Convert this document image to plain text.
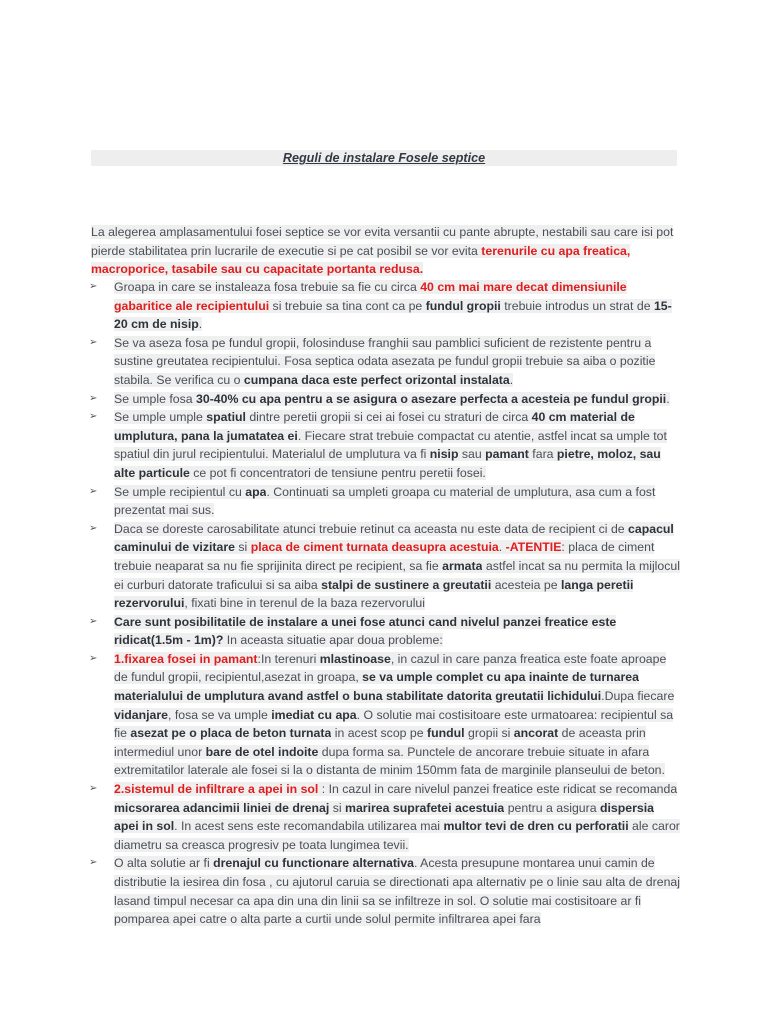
Reguli de instalare Fosele septice

La alegerea amplasamentului fosei septice se vor evita versantii cu pante abrupte, nestabili sau care isi pot pierde stabilitatea prin lucrarile de executie si pe cat posibil se vor evita terenurile cu apa freatica, macroporice, tasabile sau cu capacitate portanta redusa.

➢	Groapa in care se instaleaza fosa trebuie sa fie cu circa 40 cm mai mare decat dimensiunile gabaritice ale recipientului si trebuie sa tina cont ca pe fundul gropii trebuie introdus un strat de 15-20 cm de nisip.
➢	Se va aseza fosa pe fundul gropii, folosinduse franghii sau pamblici suficient de rezistente pentru a sustine greutatea recipientului. Fosa septica odata asezata pe fundul gropii trebuie sa aiba o pozitie stabila. Se verifica cu o cumpana daca este perfect orizontal instalata.
➢	Se umple fosa 30-40% cu apa pentru a se asigura o asezare perfecta a acesteia pe fundul gropii.
➢	Se umple umple spatiul dintre peretii gropii si cei ai fosei cu straturi de circa 40 cm material de umplutura, pana la jumatatea ei. Fiecare strat trebuie compactat cu atentie, astfel incat sa umple tot spatiul din jurul recipientului. Materialul de umplutura va fi nisip sau pamant fara pietre, moloz, sau alte particule ce pot fi concentratori de tensiune pentru peretii fosei.
➢	Se umple recipientul cu apa. Continuati sa umpleti groapa cu material de umplutura, asa cum a fost prezentat mai sus.
➢	Daca se doreste carosabilitate atunci trebuie retinut ca aceasta nu este data de recipient ci de capacul caminului de vizitare si placa de ciment turnata deasupra acestuia. -ATENTIE: placa de ciment trebuie neaparat sa nu fie sprijinita direct pe recipient, sa fie armata astfel incat sa nu permita la mijlocul ei curburi datorate traficului si sa aiba stalpi de sustinere a greutatii acesteia pe langa peretii rezervorului, fixati bine in terenul de la baza rezervorului
➢	Care sunt posibilitatile de instalare a unei fose atunci cand nivelul panzei freatice este ridicat(1.5m - 1m)? In aceasta situatie apar doua probleme:
➢	1.fixarea fosei in pamant:In terenuri mlastinoase, in cazul in care panza freatica este foate aproape de fundul gropii, recipientul,asezat in groapa, se va umple complet cu apa inainte de turnarea materialului de umplutura avand astfel o buna stabilitate datorita greutatii lichidului.Dupa fiecare vidanjare, fosa se va umple imediat cu apa. O solutie mai costisitoare este urmatoarea: recipientul sa fie asezat pe o placa de beton turnata in acest scop pe fundul gropii si ancorat de aceasta prin intermediul unor bare de otel indoite dupa forma sa. Punctele de ancorare trebuie situate in afara extremitatilor laterale ale fosei si la o distanta de minim 150mm fata de marginile planseului de beton.
➢	2.sistemul de infiltrare a apei in sol : In cazul in care nivelul panzei freatice este ridicat se recomanda micsorarea adancimii liniei de drenaj si marirea suprafetei acestuia pentru a asigura dispersia apei in sol. In acest sens este recomandabila utilizarea mai multor tevi de dren cu perforatii ale caror diametru sa creasca progresiv pe toata lungimea tevii.
➢	O alta solutie ar fi drenajul cu functionare alternativa. Acesta presupune montarea unui camin de distributie la iesirea din fosa , cu ajutorul caruia se directionati apa alternativ pe o linie sau alta de drenaj lasand timpul necesar ca apa din una din linii sa se infiltreze in sol. O solutie mai costisitoare ar fi pomparea apei catre o alta parte a curtii unde solul permite infiltrarea apei fara
